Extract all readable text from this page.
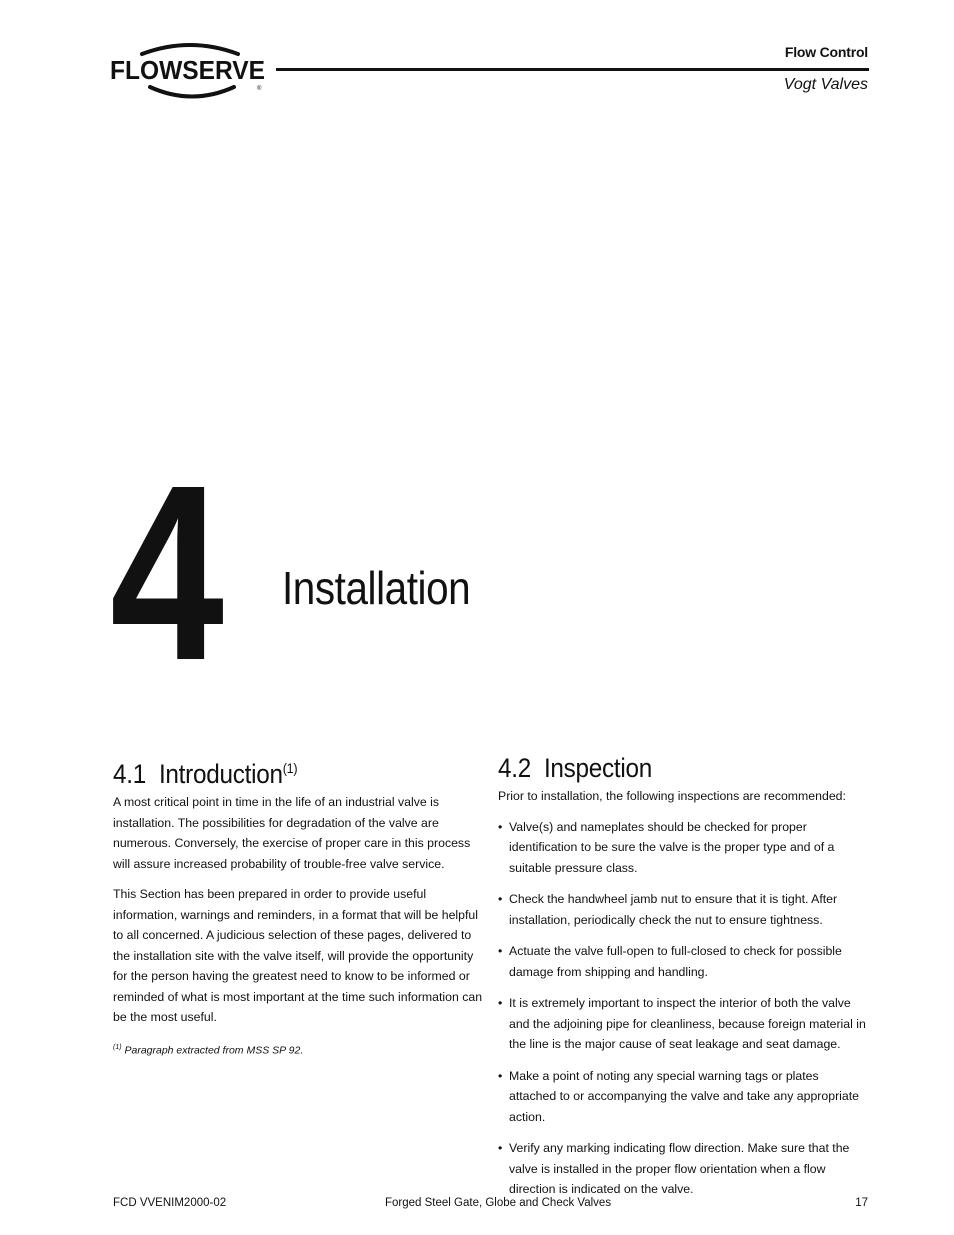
FLOWSERVE
®
Flow Control
Vogt Valves
4 Installation
4.1 Introduction$^{(1)}$

A most critical point in time in the life of an industrial valve is installation. The possibilities for degradation of the valve are numerous. Conversely, the exercise of proper care in this process will assure increased probability of trouble-free valve service.

This Section has been prepared in order to provide useful information, warnings and reminders, in a format that will be helpful to all concerned. A judicious selection of these pages, delivered to the installation site with the valve itself, will provide the opportunity for the person having the greatest need to know to be informed or reminded of what is most important at the time such information can be the most useful.

$^{(1)}$ Paragraph extracted from MSS SP 92.
4.2 Inspection

Prior to installation, the following inspections are recommended:

• Valve(s) and nameplates should be checked for proper identification to be sure the valve is the proper type and of a suitable pressure class.
• Check the handwheel jamb nut to ensure that it is tight. After installation, periodically check the nut to ensure tightness.
• Actuate the valve full-open to full-closed to check for possible damage from shipping and handling.
• It is extremely important to inspect the interior of both the valve and the adjoining pipe for cleanliness, because foreign material in the line is the major cause of seat leakage and seat damage.
• Make a point of noting any special warning tags or plates attached to or accompanying the valve and take any appropriate action.
• Verify any marking indicating flow direction. Make sure that the valve is installed in the proper flow orientation when a flow direction is indicated on the valve.
FCD VVENIM2000-02	Forged Steel Gate, Globe and Check Valves	17
